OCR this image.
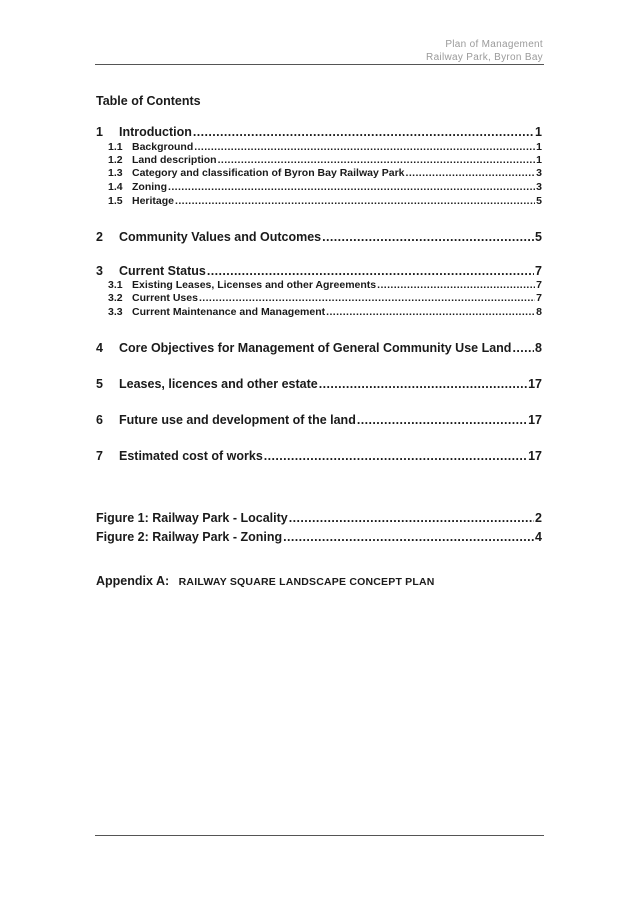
Plan of Management
Railway Park, Byron Bay
Table of Contents
1	Introduction .....	1
1.1 Background .....	1
1.2 Land description .....	1
1.3 Category and classification of Byron Bay Railway Park .....	3
1.4 Zoning .....	3
1.5 Heritage .....	5
2	Community Values and Outcomes .....	5
3	Current Status .....	7
3.1 Existing Leases, Licenses and other Agreements .....	7
3.2 Current Uses .....	7
3.3 Current Maintenance and Management .....	8
4	Core Objectives for Management of General Community Use Land ..... 8
5	Leases, licences and other estate .....	17
6	Future use and development of the land .....	17
7	Estimated cost of works .....	17
Figure 1: Railway Park - Locality .....	2
Figure 2: Railway Park - Zoning .....	4
Appendix A: RAILWAY SQUARE LANDSCAPE CONCEPT PLAN
